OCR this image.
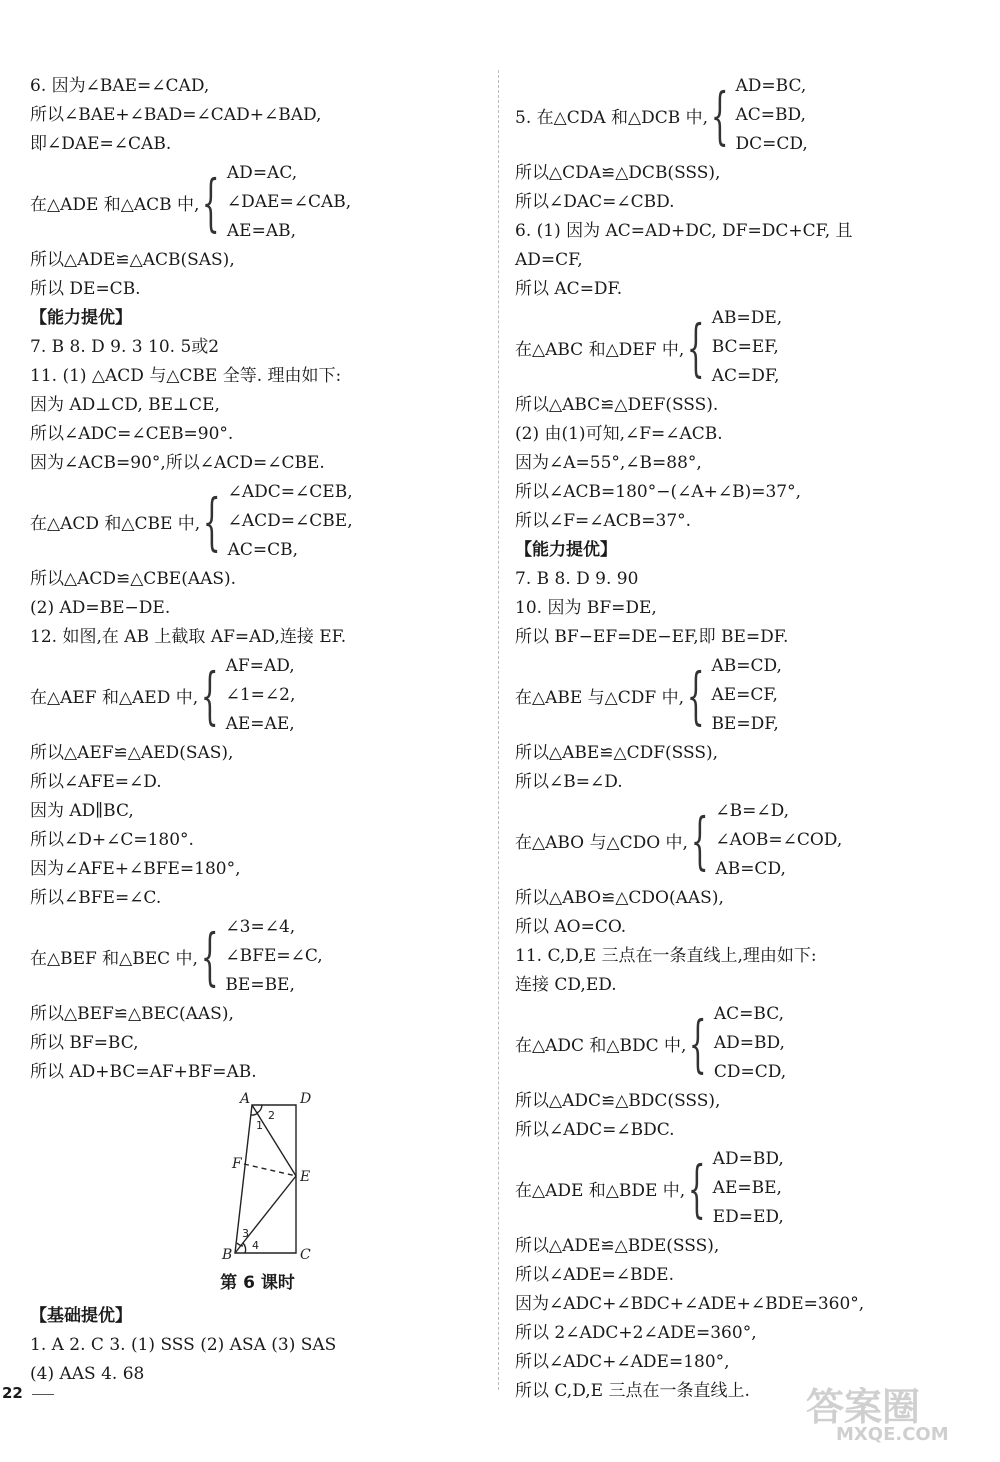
6. 因为∠BAE=∠CAD,
所以∠BAE+∠BAD=∠CAD+∠BAD,
即∠DAE=∠CAB.
在△ADE 和△ACB 中, { AD=AC,
∠DAE=∠CAB,
AE=AB,
所以△ADE≌△ACB(SAS),
所以 DE=CB.
【能力提优】
7. B 8. D 9. 3 10. 5或2
11. (1) △ACD 与△CBE 全等. 理由如下:
因为 AD⊥CD, BE⊥CE,
所以∠ADC=∠CEB=90°.
因为∠ACB=90°,所以∠ACD=∠CBE.
在△ACD 和△CBE 中, { ∠ADC=∠CEB,
∠ACD=∠CBE,
AC=CB,
所以△ACD≌△CBE(AAS).
(2) AD=BE−DE.
12. 如图,在 AB 上截取 AF=AD,连接 EF.
在△AEF 和△AED 中, { AF=AD,
∠1=∠2,
AE=AE,
所以△AEF≌△AED(SAS),
所以∠AFE=∠D.
因为 AD∥BC,
所以∠D+∠C=180°.
因为∠AFE+∠BFE=180°,
所以∠BFE=∠C.
在△BEF 和△BEC 中, { ∠3=∠4,
∠BFE=∠C,
BE=BE,
所以△BEF≌△BEC(AAS),
所以 BF=BC,
所以 AD+BC=AF+BF=AB.
A	D
F
E
B	C
2
1
3
4
第 6 课时
【基础提优】
1. A 2. C 3. (1) SSS (2) ASA (3) SAS
(4) AAS 4. 68
5. 在△CDA 和△DCB 中, { AD=BC,
AC=BD,
DC=CD,
所以△CDA≌△DCB(SSS),
所以∠DAC=∠CBD.
6. (1) 因为 AC=AD+DC, DF=DC+CF, 且
AD=CF,
所以 AC=DF.
在△ABC 和△DEF 中, { AB=DE,
BC=EF,
AC=DF,
所以△ABC≌△DEF(SSS).
(2) 由(1)可知,∠F=∠ACB.
因为∠A=55°,∠B=88°,
所以∠ACB=180°−(∠A+∠B)=37°,
所以∠F=∠ACB=37°.
【能力提优】
7. B 8. D 9. 90
10. 因为 BF=DE,
所以 BF−EF=DE−EF,即 BE=DF.
在△ABE 与△CDF 中, { AB=CD,
AE=CF,
BE=DF,
所以△ABE≌△CDF(SSS),
所以∠B=∠D.
在△ABO 与△CDO 中, { ∠B=∠D,
∠AOB=∠COD,
AB=CD,
所以△ABO≌△CDO(AAS),
所以 AO=CO.
11. C,D,E 三点在一条直线上,理由如下:
连接 CD,ED.
在△ADC 和△BDC 中, { AC=BC,
AD=BD,
CD=CD,
所以△ADC≌△BDC(SSS),
所以∠ADC=∠BDC.
在△ADE 和△BDE 中, { AD=BD,
AE=BE,
ED=ED,
所以△ADE≌△BDE(SSS),
所以∠ADE=∠BDE.
因为∠ADC+∠BDC+∠ADE+∠BDE=360°,
所以 2∠ADC+2∠ADE=360°,
所以∠ADC+∠ADE=180°,
所以 C,D,E 三点在一条直线上.
22	答案圈
MXQE.COM
